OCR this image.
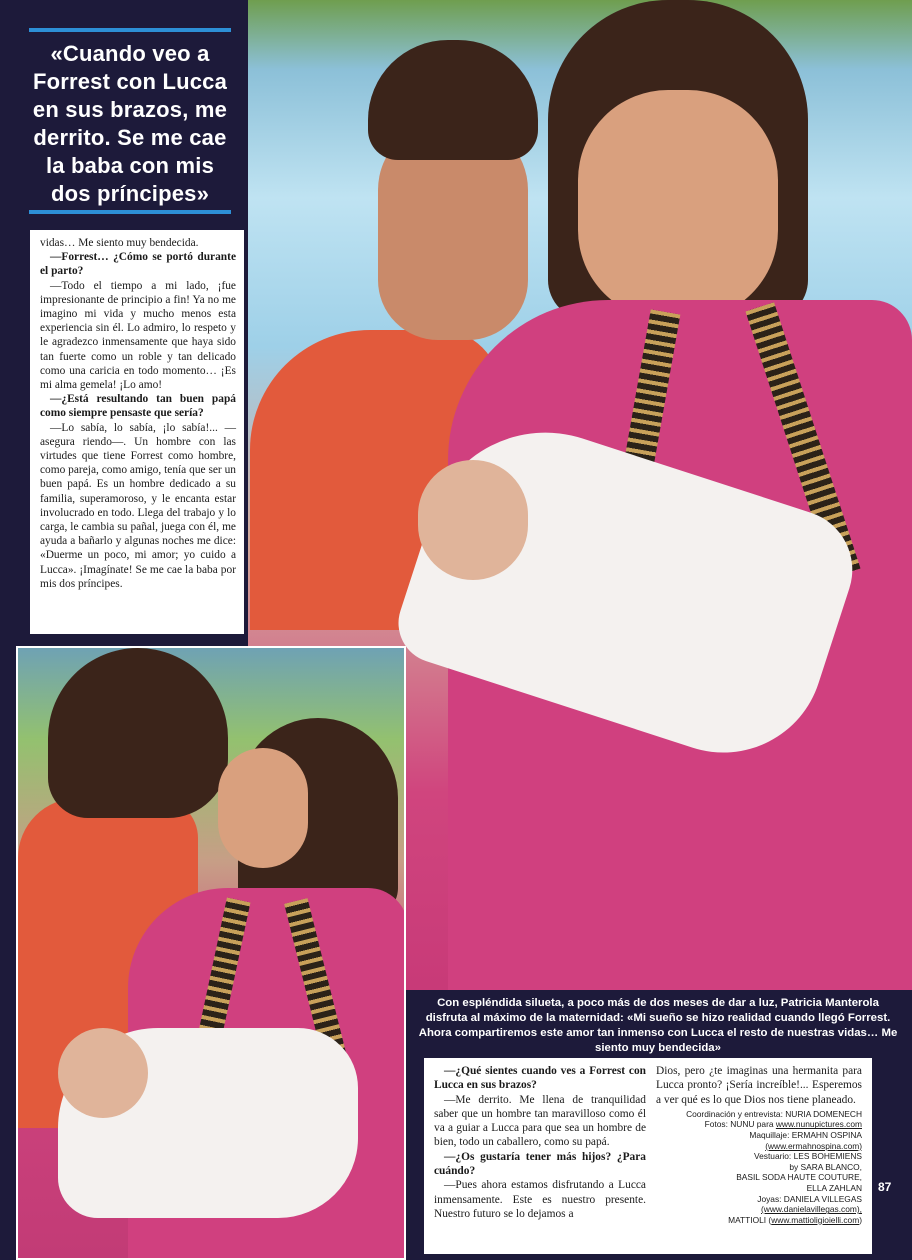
«Cuando veo a Forrest con Lucca en sus brazos, me derrito. Se me cae la baba con mis dos príncipes»

vidas… Me siento muy bendecida.

—Forrest… ¿Cómo se portó durante el parto?

—Todo el tiempo a mi lado, ¡fue impresionante de principio a fin! Ya no me imagino mi vida y mucho menos esta experiencia sin él. Lo admiro, lo respeto y le agradezco inmensamente que haya sido tan fuerte como un roble y tan delicado como una caricia en todo momento… ¡Es mi alma gemela! ¡Lo amo!

—¿Está resultando tan buen papá como siempre pensaste que sería?

—Lo sabía, lo sabía, ¡lo sabía!... —asegura riendo—. Un hombre con las virtudes que tiene Forrest como hombre, como pareja, como amigo, tenía que ser un buen papá. Es un hombre dedicado a su familia, superamoroso, y le encanta estar involucrado en todo. Llega del trabajo y lo carga, le cambia su pañal, juega con él, me ayuda a bañarlo y algunas noches me dice: «Duerme un poco, mi amor; yo cuido a Lucca». ¡Imagínate! Se me cae la baba por mis dos príncipes.

Con espléndida silueta, a poco más de dos meses de dar a luz, Patricia Manterola disfruta al máximo de la maternidad: «Mi sueño se hizo realidad cuando llegó Forrest. Ahora compartiremos este amor tan inmenso con Lucca el resto de nuestras vidas… Me siento muy bendecida»

—¿Qué sientes cuando ves a Forrest con Lucca en sus brazos?

—Me derrito. Me llena de tranquilidad saber que un hombre tan maravilloso como él va a guiar a Lucca para que sea un hombre de bien, todo un caballero, como su papá.

—¿Os gustaría tener más hijos? ¿Para cuándo?

—Pues ahora estamos disfrutando a Lucca inmensamente. Este es nuestro presente. Nuestro futuro se lo dejamos a

Dios, pero ¿te imaginas una hermanita para Lucca pronto? ¡Sería increíble!... Esperemos a ver qué es lo que Dios nos tiene planeado.

Coordinación y entrevista: NURIA DOMENECH
Fotos: NUNU para www.nunupictures.com
Maquillaje: ERMAHN OSPINA
(www.ermahnospina.com)
Vestuario: LES BOHEMIENS
by SARA BLANCO,
BASIL SODA HAUTE COUTURE,
ELLA ZAHLAN
Joyas: DANIELA VILLEGAS
(www.danielavillegas.com),
MATTIOLI (www.mattioligioielli.com)
87
